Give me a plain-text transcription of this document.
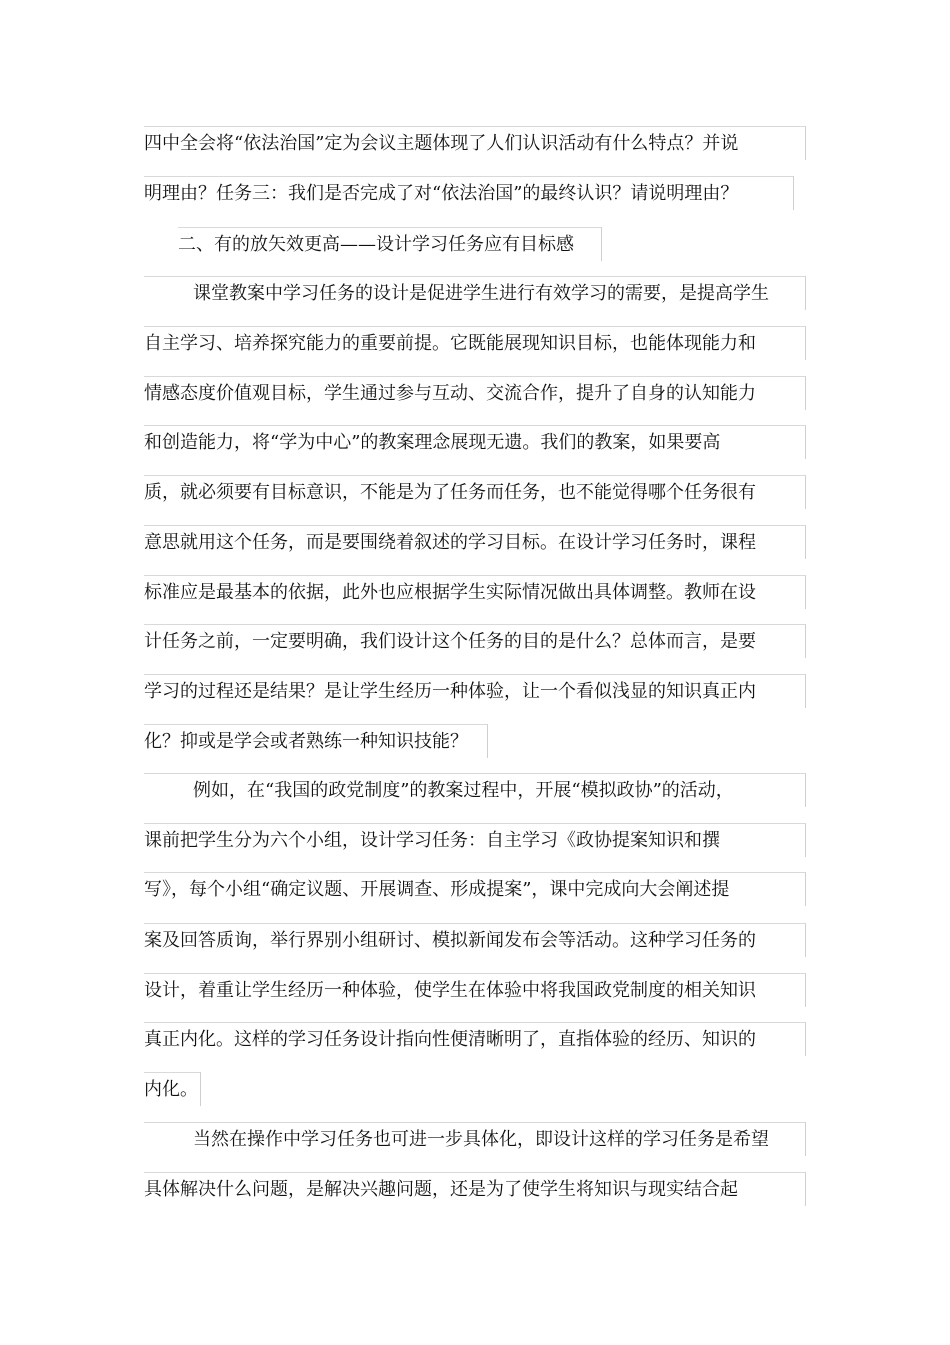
四中全会将“依法治国”定为会议主题体现了人们认识活动有什么特点？并说
明理由？任务三：我们是否完成了对“依法治国”的最终认识？请说明理由？
二、有的放矢效更高——设计学习任务应有目标感
课堂教案中学习任务的设计是促进学生进行有效学习的需要，是提高学生
自主学习、培养探究能力的重要前提。它既能展现知识目标，也能体现能力和
情感态度价值观目标，学生通过参与互动、交流合作，提升了自身的认知能力
和创造能力，将“学为中心”的教案理念展现无遗。我们的教案，如果要高
质，就必须要有目标意识，不能是为了任务而任务，也不能觉得哪个任务很有
意思就用这个任务，而是要围绕着叙述的学习目标。在设计学习任务时，课程
标准应是最基本的依据，此外也应根据学生实际情况做出具体调整。教师在设
计任务之前，一定要明确，我们设计这个任务的目的是什么？总体而言，是要
学习的过程还是结果？是让学生经历一种体验，让一个看似浅显的知识真正内
化？抑或是学会或者熟练一种知识技能？
例如，在“我国的政党制度”的教案过程中，开展“模拟政协”的活动，
课前把学生分为六个小组，设计学习任务：自主学习《政协提案知识和撰
写》，每个小组“确定议题、开展调查、形成提案”，课中完成向大会阐述提
案及回答质询，举行界别小组研讨、模拟新闻发布会等活动。这种学习任务的
设计，着重让学生经历一种体验，使学生在体验中将我国政党制度的相关知识
真正内化。这样的学习任务设计指向性便清晰明了，直指体验的经历、知识的
内化。
当然在操作中学习任务也可进一步具体化，即设计这样的学习任务是希望
具体解决什么问题，是解决兴趣问题，还是为了使学生将知识与现实结合起
